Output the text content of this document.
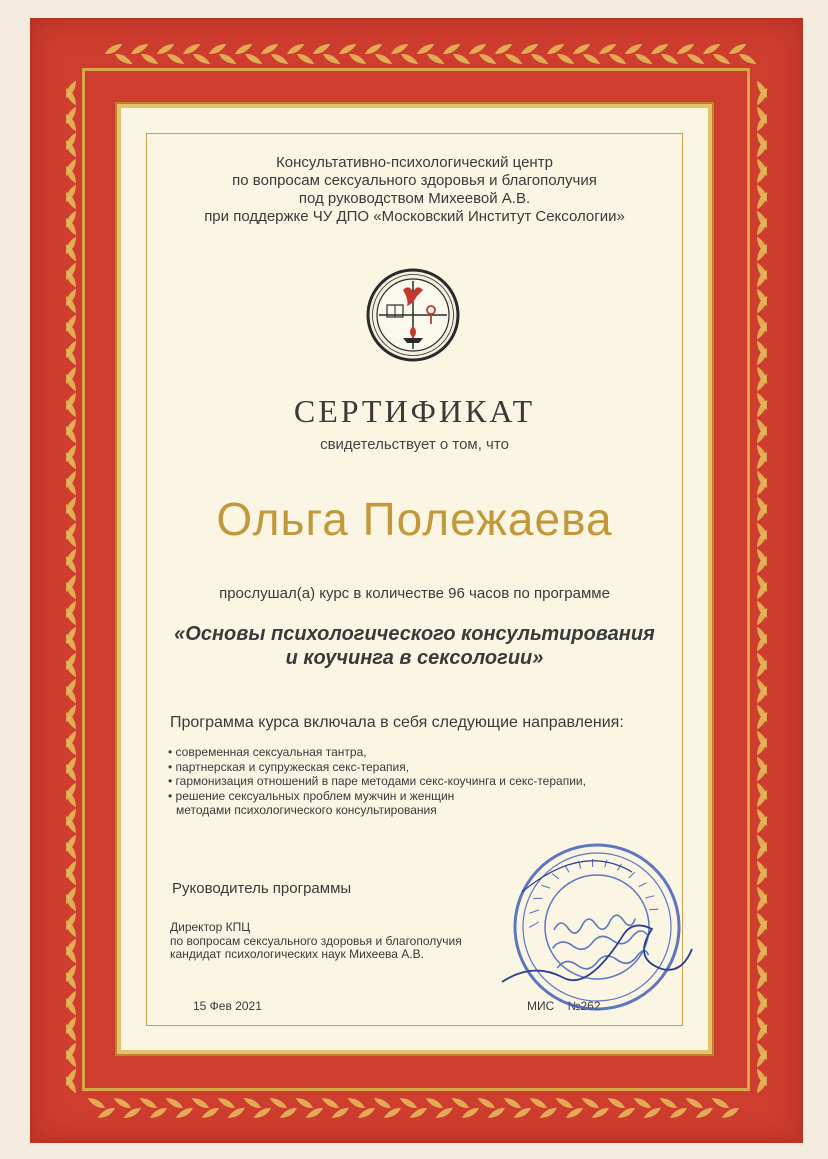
Консультативно-психологический центр
по вопросам сексуального здоровья и благополучия
под руководством Михеевой А.В.
при поддержке ЧУ ДПО «Московский Институт Сексологии»
СЕРТИФИКАТ
свидетельствует о том, что
Ольга Полежаева
прослушал(а) курс в количестве 96 часов по программе
«Основы психологического консультирования
и коучинга в сексологии»
Программа курса включала в себя следующие направления:
• современная сексуальная тантра,
• партнерская и супружеская секс-терапия,
• гармонизация отношений в паре методами секс-коучинга и секс-терапии,
• решение сексуальных проблем мужчин и женщин
методами психологического консультирования
Руководитель программы
Директор КПЦ
по вопросам сексуального здоровья и благополучия
кандидат психологических наук Михеева А.В.
15 Фев 2021	МИС    №262
